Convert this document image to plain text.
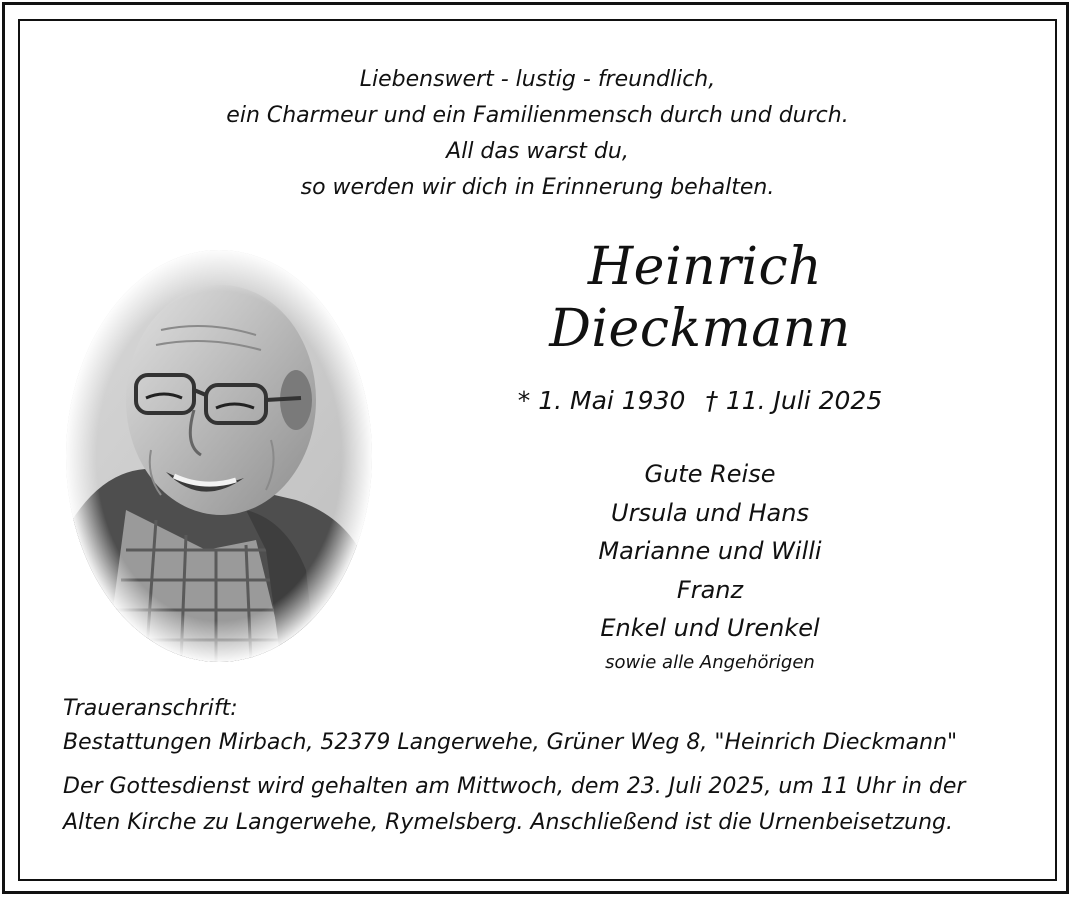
Liebenswert - lustig - freundlich,
ein Charmeur und ein Familienmensch durch und durch.
All das warst du,
so werden wir dich in Erinnerung behalten.
Heinrich
Dieckmann
* 1. Mai 1930 † 11. Juli 2025
Gute Reise
Ursula und Hans
Marianne und Willi
Franz
Enkel und Urenkel
sowie alle Angehörigen
Traueranschrift:
Bestattungen Mirbach, 52379 Langerwehe, Grüner Weg 8, "Heinrich Dieckmann"
Der Gottesdienst wird gehalten am Mittwoch, dem 23. Juli 2025, um 11 Uhr in der
Alten Kirche zu Langerwehe, Rymelsberg. Anschließend ist die Urnenbeisetzung.
